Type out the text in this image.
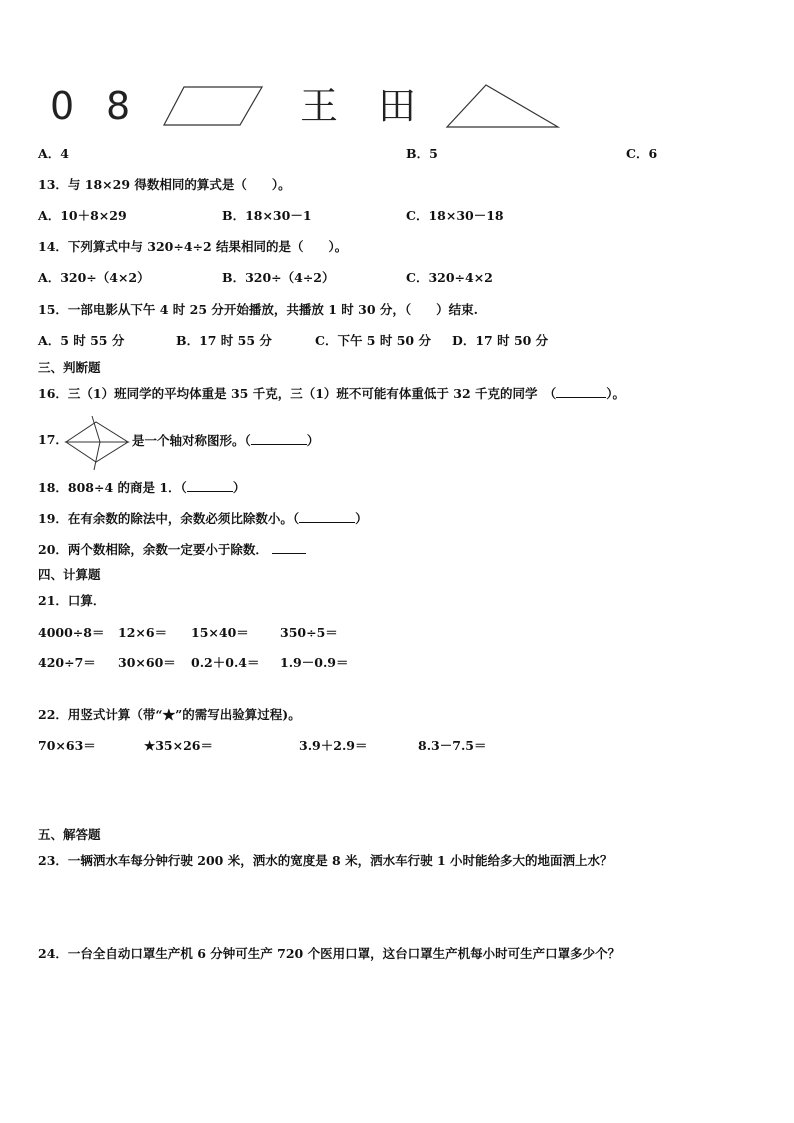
0 8	王 田
A．4	B．5	C．6
13．与 18×29 得数相同的算式是（　　）。
A．10＋8×29	B．18×30－1	C．18×30－18
14．下列算式中与 320÷4÷2 结果相同的是（　　）。
A．320÷（4×2）	B．320÷（4÷2）	C．320÷4×2
15．一部电影从下午 4 时 25 分开始播放，共播放 1 时 30 分，（　　）结束.
A．5 时 55 分	B．17 时 55 分	C．下午 5 时 50 分 D．17 时 50 分
三、判断题
16．三（1）班同学的平均体重是 35 千克，三（1）班不可能有体重低于 32 千克的同学　（	）。
17．	是一个轴对称图形。（	）
18．808÷4 的商是 1．（	）
19．在有余数的除法中，余数必须比除数小。（	）
20．两个数相除，余数一定要小于除数．
四、计算题
21．口算．
4000÷8＝ 12×6＝ 15×40＝ 350÷5＝
420÷7＝ 30×60＝ 0.2＋0.4＝ 1.9－0.9＝
22．用竖式计算（带“★”的需写出验算过程)。
70×63＝	★35×26＝	3.9＋2.9＝	8.3－7.5＝
五、解答题
23．一辆洒水车每分钟行驶 200 米，洒水的宽度是 8 米，洒水车行驶 1 小时能给多大的地面洒上水？
24．一台全自动口罩生产机 6 分钟可生产 720 个医用口罩，这台口罩生产机每小时可生产口罩多少个？
